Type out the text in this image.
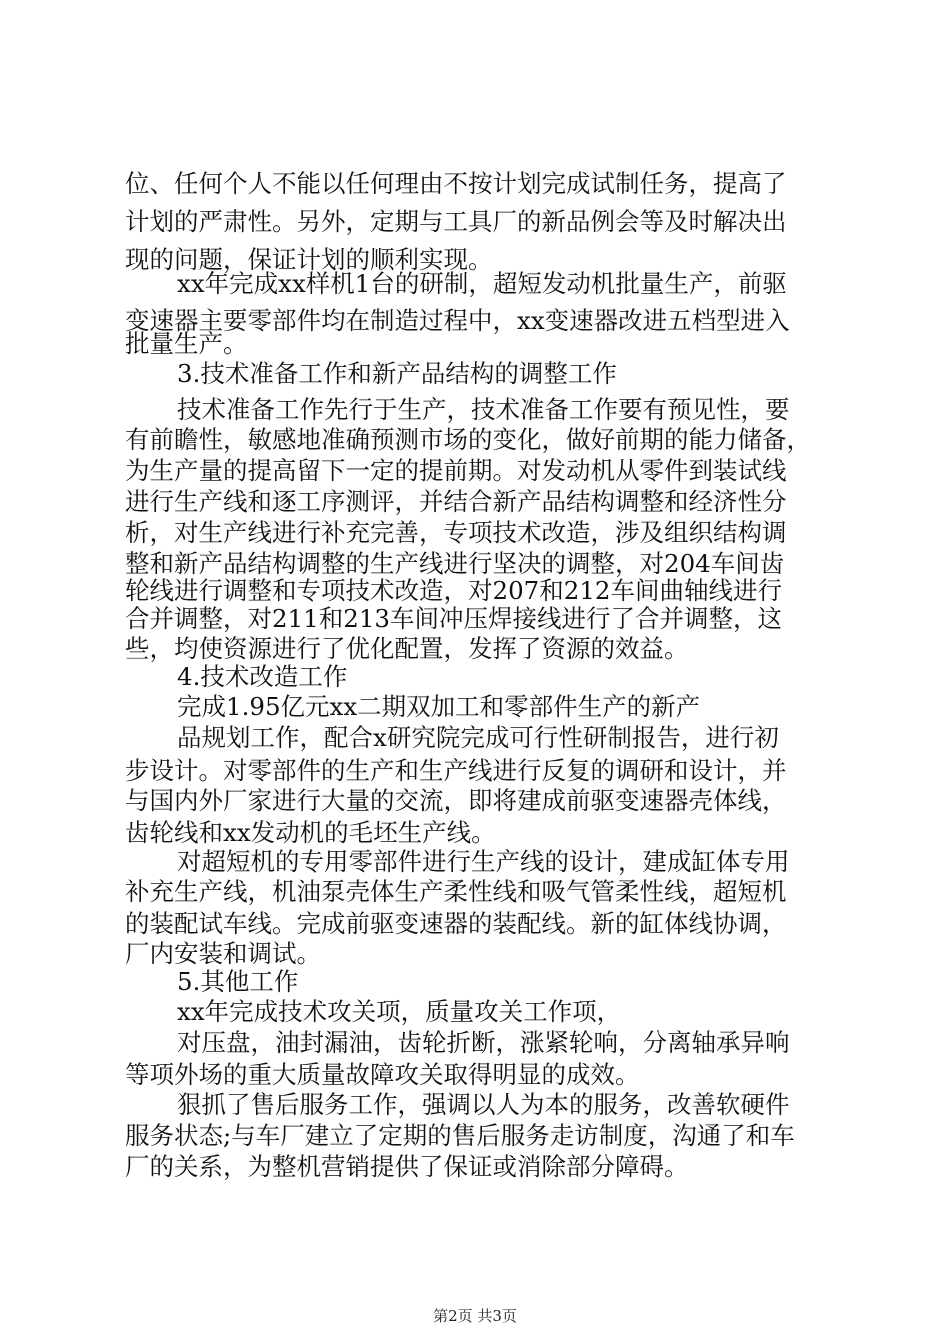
位、任何个人不能以任何理由不按计划完成试制任务，提高了
计划的严肃性。另外，定期与工具厂的新品例会等及时解决出
现的问题，保证计划的顺利实现。
xx年完成xx样机1台的研制，超短发动机批量生产，前驱
变速器主要零部件均在制造过程中，xx变速器改进五档型进入
批量生产。
3.技术准备工作和新产品结构的调整工作
技术准备工作先行于生产，技术准备工作要有预见性，要
有前瞻性，敏感地准确预测市场的变化，做好前期的能力储备，
为生产量的提高留下一定的提前期。对发动机从零件到装试线
进行生产线和逐工序测评，并结合新产品结构调整和经济性分
析，对生产线进行补充完善，专项技术改造，涉及组织结构调
整和新产品结构调整的生产线进行坚决的调整，对204车间齿
轮线进行调整和专项技术改造，对207和212车间曲轴线进行
合并调整，对211和213车间冲压焊接线进行了合并调整，这
些，均使资源进行了优化配置，发挥了资源的效益。
4.技术改造工作
完成1.95亿元xx二期双加工和零部件生产的新产
品规划工作，配合x研究院完成可行性研制报告，进行初
步设计。对零部件的生产和生产线进行反复的调研和设计，并
与国内外厂家进行大量的交流，即将建成前驱变速器壳体线，
齿轮线和xx发动机的毛坯生产线。
对超短机的专用零部件进行生产线的设计，建成缸体专用
补充生产线，机油泵壳体生产柔性线和吸气管柔性线，超短机
的装配试车线。完成前驱变速器的装配线。新的缸体线协调，
厂内安装和调试。
5.其他工作
xx年完成技术攻关项，质量攻关工作项，
对压盘，油封漏油，齿轮折断，涨紧轮响，分离轴承异响
等项外场的重大质量故障攻关取得明显的成效。
狠抓了售后服务工作，强调以人为本的服务，改善软硬件
服务状态;与车厂建立了定期的售后服务走访制度，沟通了和车
厂的关系，为整机营销提供了保证或消除部分障碍。
第2页 共3页
